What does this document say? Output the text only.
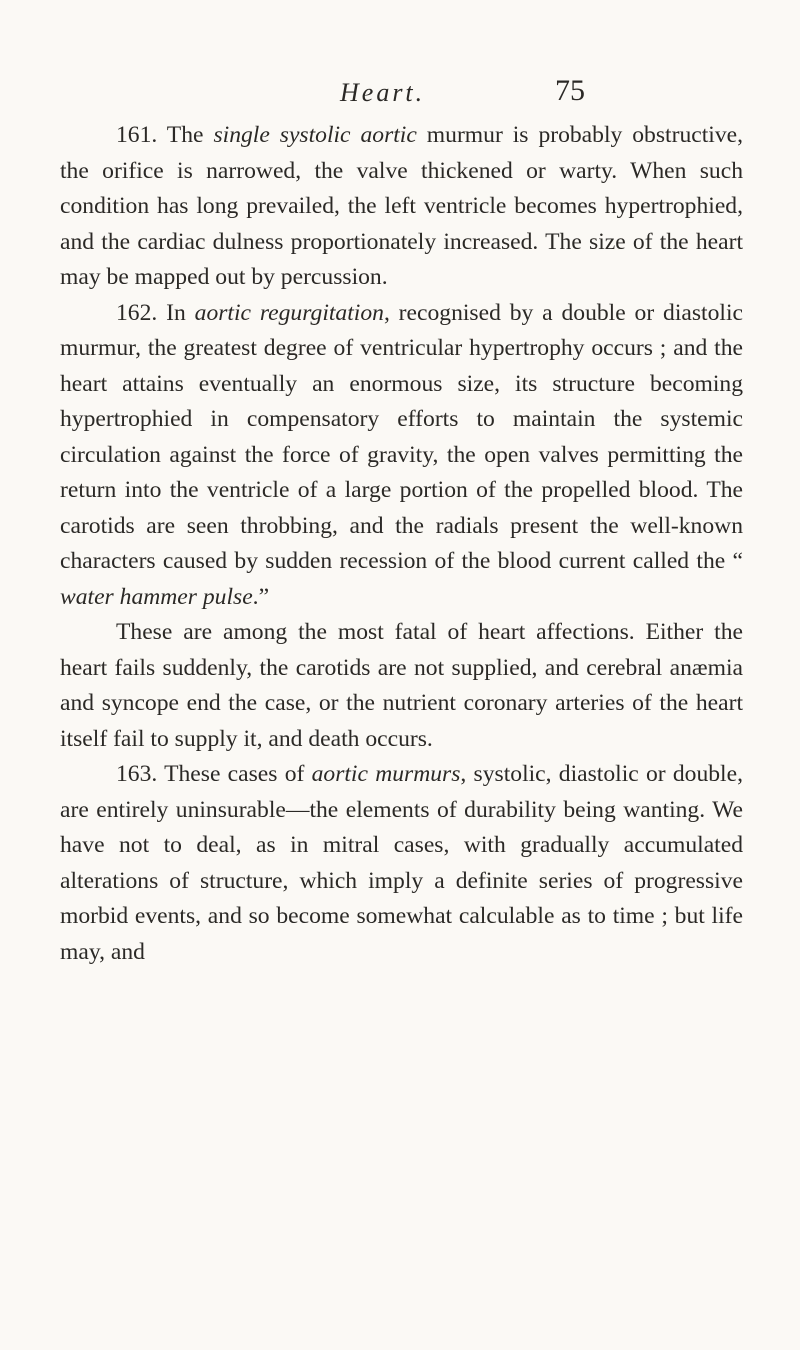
Heart.	75

161. The single systolic aortic murmur is probably obstructive, the orifice is narrowed, the valve thickened or warty. When such condition has long prevailed, the left ventricle becomes hypertrophied, and the cardiac dulness proportionately increased. The size of the heart may be mapped out by percussion.

162. In aortic regurgitation, recognised by a double or diastolic murmur, the greatest degree of ventricular hypertrophy occurs ; and the heart attains eventually an enormous size, its structure becoming hypertrophied in compensatory efforts to maintain the systemic circulation against the force of gravity, the open valves permitting the return into the ventricle of a large portion of the propelled blood. The carotids are seen throbbing, and the radials present the well-known characters caused by sudden recession of the blood current called the “ water hammer pulse.”

These are among the most fatal of heart affections. Either the heart fails suddenly, the carotids are not supplied, and cerebral anæmia and syncope end the case, or the nutrient coronary arteries of the heart itself fail to supply it, and death occurs.

163. These cases of aortic murmurs, systolic, diastolic or double, are entirely uninsurable—the elements of durability being wanting. We have not to deal, as in mitral cases, with gradually accumulated alterations of structure, which imply a definite series of progressive morbid events, and so become somewhat calculable as to time ; but life may, and
